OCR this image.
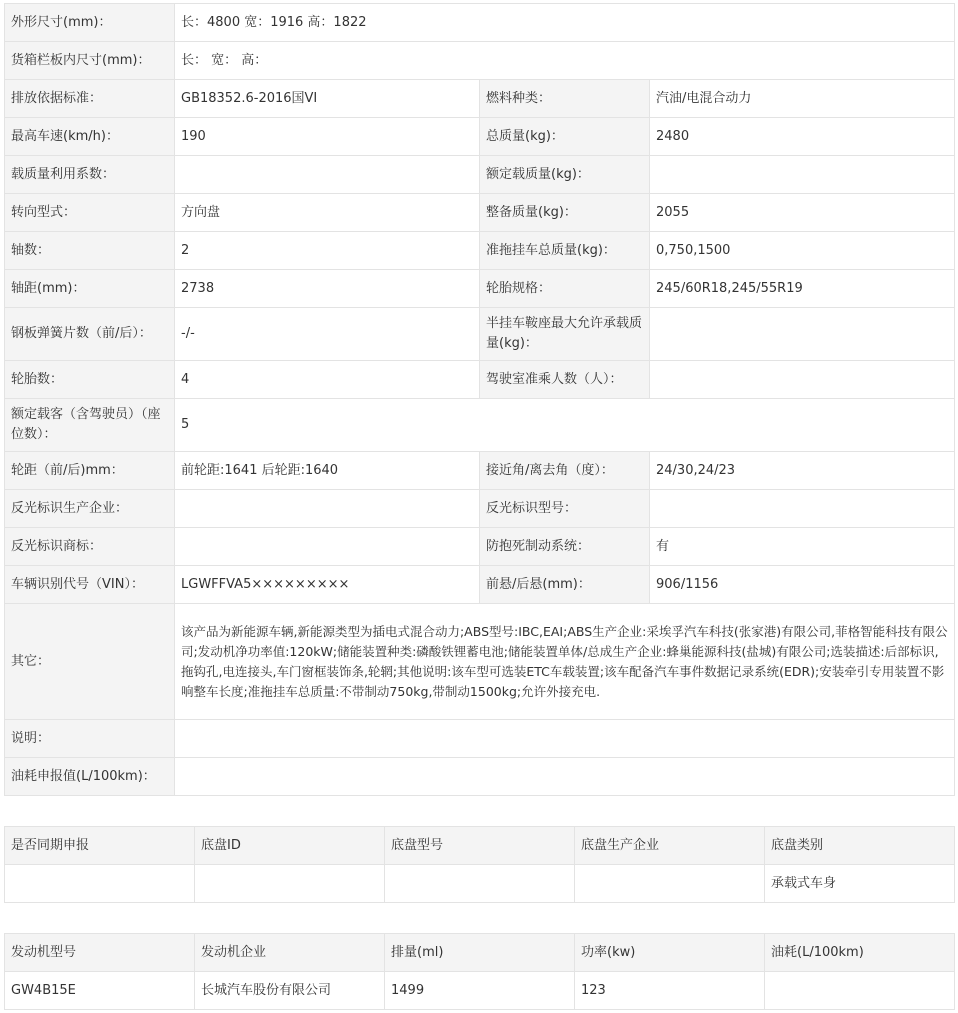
外形尺寸(mm)：	长：4800 宽：1916 高：1822		
货箱栏板内尺寸(mm)：	长： 宽： 高：		
排放依据标准：	GB18352.6-2016国VI	燃料种类：	汽油/电混合动力
最高车速(km/h)：	190	总质量(kg)：	2480
载质量利用系数：		额定载质量(kg)：	
转向型式：	方向盘	整备质量(kg)：	2055
轴数：	2	准拖挂车总质量(kg)：	0,750,1500
轴距(mm)：	2738	轮胎规格：	245/60R18,245/55R19
钢板弹簧片数（前/后）：	-/-	半挂车鞍座最大允许承载质量(kg)：	
轮胎数：	4	驾驶室准乘人数（人）：	
额定载客（含驾驶员）（座位数）：	5		
轮距（前/后)mm：	前轮距:1641 后轮距:1640	接近角/离去角（度）：	24/30,24/23
反光标识生产企业：		反光标识型号：	
反光标识商标：		防抱死制动系统：	有
车辆识别代号（VIN）：	LGWFFVA5×××××××××	前悬/后悬(mm)：	906/1156
其它：	该产品为新能源车辆,新能源类型为插电式混合动力;ABS型号:IBC,EAI;ABS生产企业:采埃孚汽车科技(张家港)有限公司,菲格智能科技有限公司;发动机净功率值:120kW;储能装置种类:磷酸铁锂蓄电池;储能装置单体/总成生产企业:蜂巢能源科技(盐城)有限公司;选装描述:后部标识,拖钩孔,电连接头,车门窗框装饰条,轮辋;其他说明:该车型可选装ETC车载装置;该车配备汽车事件数据记录系统(EDR);安装牵引专用装置不影响整车长度;准拖挂车总质量:不带制动750kg,带制动1500kg;允许外接充电.		
说明：			
油耗申报值(L/100km)：			
是否同期申报	底盘ID	底盘型号	底盘生产企业	底盘类别
				承载式车身
发动机型号	发动机企业	排量(ml)	功率(kw)	油耗(L/100km)
GW4B15E	长城汽车股份有限公司	1499	123	
